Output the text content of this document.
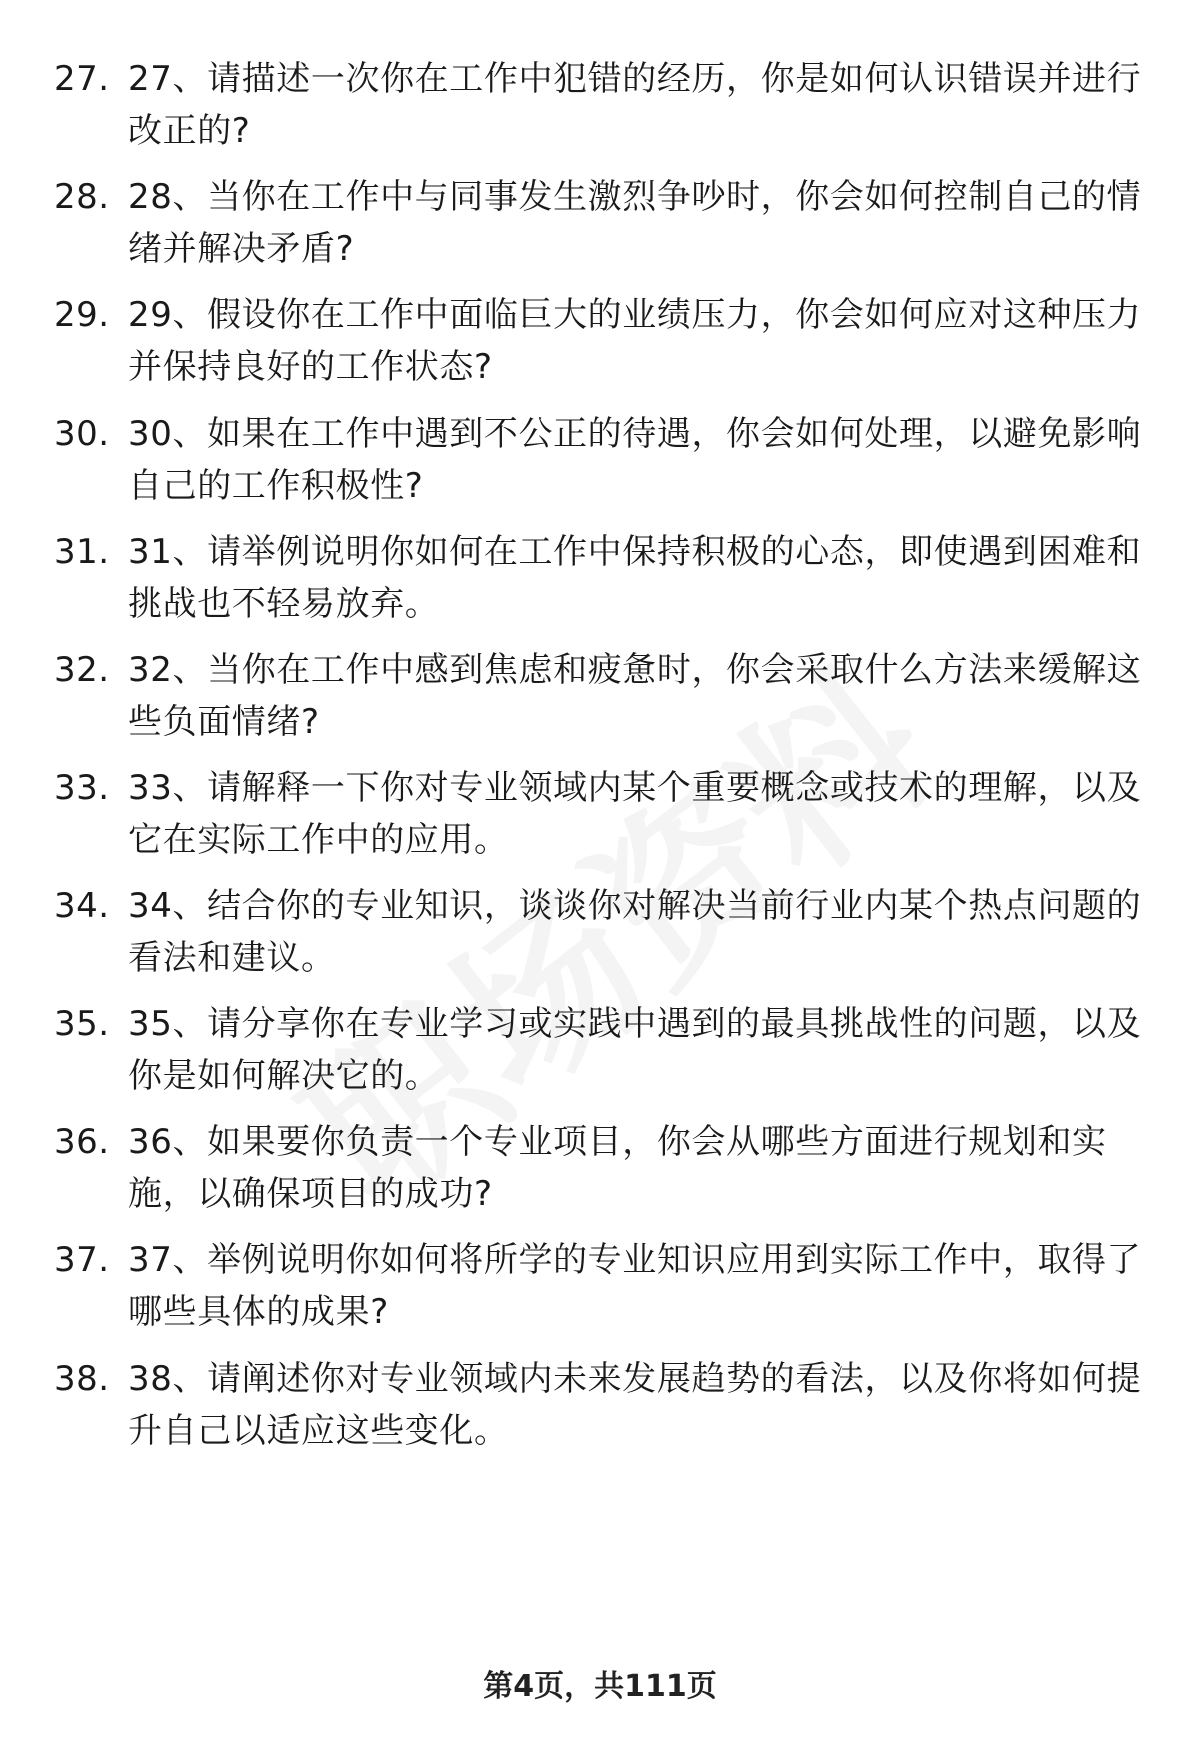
27. 27、请描述一次你在工作中犯错的经历，你是如何认识错误并进行改正的?
28. 28、当你在工作中与同事发生激烈争吵时，你会如何控制自己的情绪并解决矛盾?
29. 29、假设你在工作中面临巨大的业绩压力，你会如何应对这种压力并保持良好的工作状态?
30. 30、如果在工作中遇到不公正的待遇，你会如何处理，以避免影响自己的工作积极性?
31. 31、请举例说明你如何在工作中保持积极的心态，即使遇到困难和挑战也不轻易放弃。
32. 32、当你在工作中感到焦虑和疲惫时，你会采取什么方法来缓解这些负面情绪?
33. 33、请解释一下你对专业领域内某个重要概念或技术的理解，以及它在实际工作中的应用。
34. 34、结合你的专业知识，谈谈你对解决当前行业内某个热点问题的看法和建议。
35. 35、请分享你在专业学习或实践中遇到的最具挑战性的问题，以及你是如何解决它的。
36. 36、如果要你负责一个专业项目，你会从哪些方面进行规划和实施，以确保项目的成功?
37. 37、举例说明你如何将所学的专业知识应用到实际工作中，取得了哪些具体的成果?
38. 38、请阐述你对专业领域内未来发展趋势的看法，以及你将如何提升自己以适应这些变化。
第4页，共111页
